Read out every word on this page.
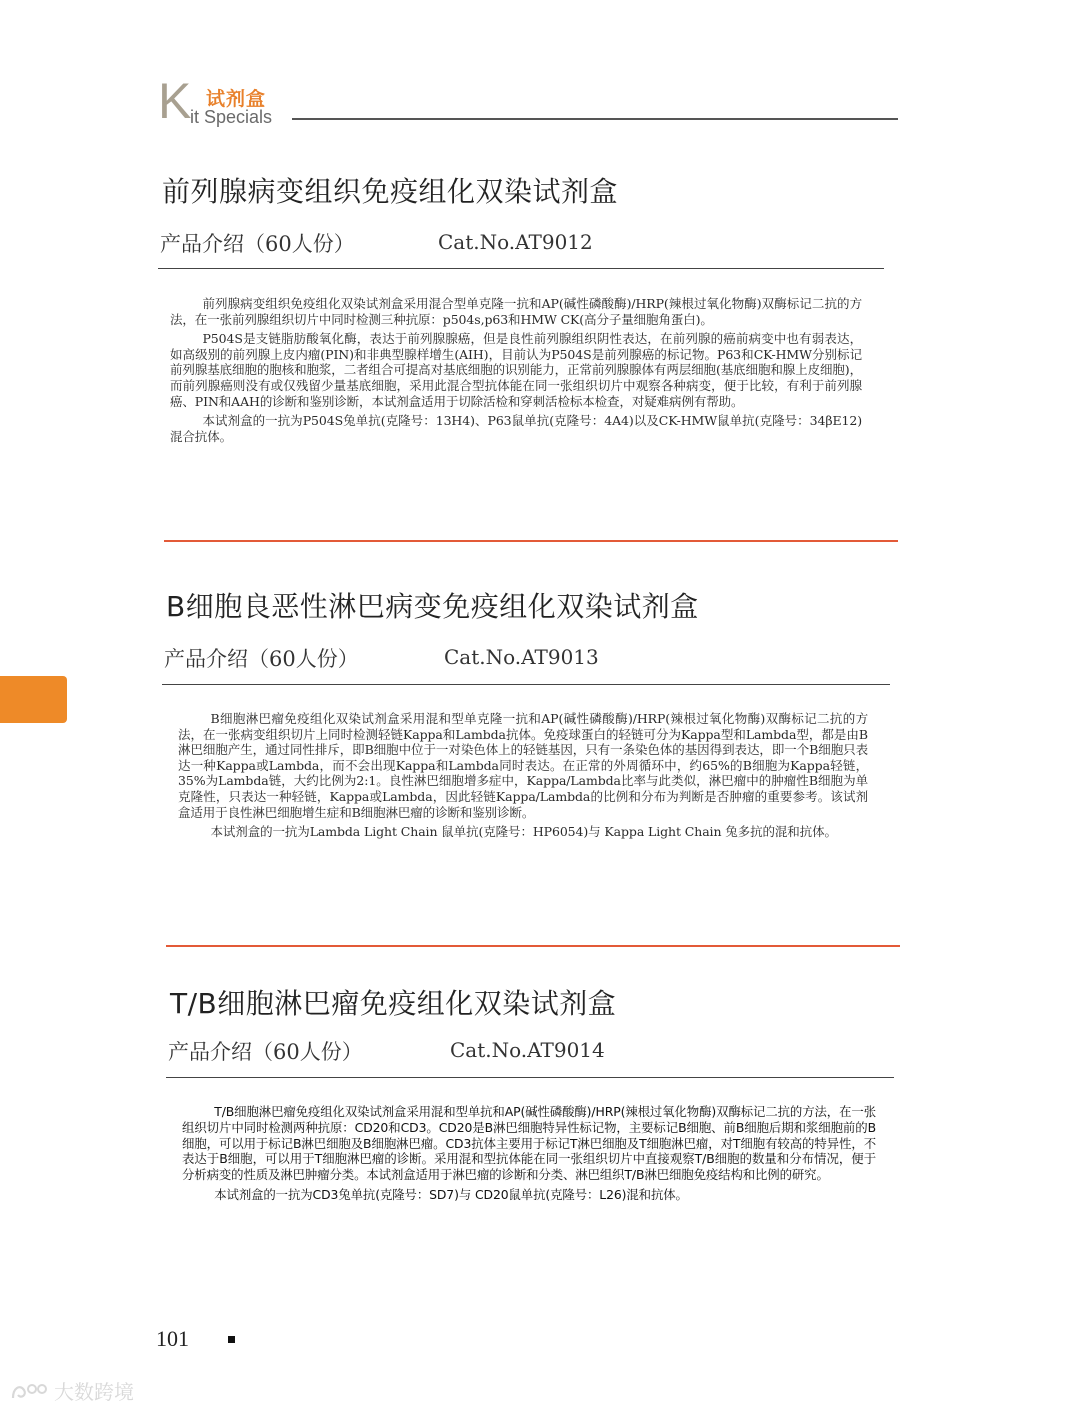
K 试剂盒
it Specials
前列腺病变组织免疫组化双染试剂盒
产品介绍（60人份）	Cat.No.AT9012

前列腺病变组织免疫组化双染试剂盒采用混合型单克隆一抗和AP(碱性磷酸酶)/HRP(辣根过氧化物酶)双酶标记二抗的方法，在一张前列腺组织切片中同时检测三种抗原：p504s,p63和HMW CK(高分子量细胞角蛋白)。

P504S是支链脂肪酸氧化酶，表达于前列腺腺癌，但是良性前列腺组织阴性表达，在前列腺的癌前病变中也有弱表达，如高级别的前列腺上皮内瘤(PIN)和非典型腺样增生(AIH)，目前认为P504S是前列腺癌的标记物。P63和CK-HMW分别标记前列腺基底细胞的胞核和胞浆，二者组合可提高对基底细胞的识别能力，正常前列腺腺体有两层细胞(基底细胞和腺上皮细胞)，而前列腺癌则没有或仅残留少量基底细胞，采用此混合型抗体能在同一张组织切片中观察各种病变，便于比较，有利于前列腺癌、PIN和AAH的诊断和鉴别诊断，本试剂盒适用于切除活检和穿刺活检标本检查，对疑难病例有帮助。

本试剂盒的一抗为P504S兔单抗(克隆号：13H4)、P63鼠单抗(克隆号：4A4)以及CK-HMW鼠单抗(克隆号：34βE12)混合抗体。

B细胞良恶性淋巴病变免疫组化双染试剂盒
产品介绍（60人份）	Cat.No.AT9013

B细胞淋巴瘤免疫组化双染试剂盒采用混和型单克隆一抗和AP(碱性磷酸酶)/HRP(辣根过氧化物酶)双酶标记二抗的方法，在一张病变组织切片上同时检测轻链Kappa和Lambda抗体。免疫球蛋白的轻链可分为Kappa型和Lambda型，都是由B淋巴细胞产生，通过同性排斥，即B细胞中位于一对染色体上的轻链基因，只有一条染色体的基因得到表达，即一个B细胞只表达一种Kappa或Lambda，而不会出现Kappa和Lambda同时表达。在正常的外周循环中，约65%的B细胞为Kappa轻链，35%为Lambda链，大约比例为2:1。良性淋巴细胞增多症中，Kappa/Lambda比率与此类似，淋巴瘤中的肿瘤性B细胞为单克隆性，只表达一种轻链，Kappa或Lambda，因此轻链Kappa/Lambda的比例和分布为判断是否肿瘤的重要参考。该试剂盒适用于良性淋巴细胞增生症和B细胞淋巴瘤的诊断和鉴别诊断。

本试剂盒的一抗为Lambda Light Chain 鼠单抗(克隆号：HP6054)与 Kappa Light Chain 兔多抗的混和抗体。

T/B细胞淋巴瘤免疫组化双染试剂盒
产品介绍（60人份）	Cat.No.AT9014

T/B细胞淋巴瘤免疫组化双染试剂盒采用混和型单抗和AP(碱性磷酸酶)/HRP(辣根过氧化物酶)双酶标记二抗的方法，在一张组织切片中同时检测两种抗原：CD20和CD3。CD20是B淋巴细胞特异性标记物，主要标记B细胞、前B细胞后期和浆细胞前的B细胞，可以用于标记B淋巴细胞及B细胞淋巴瘤。CD3抗体主要用于标记T淋巴细胞及T细胞淋巴瘤，对T细胞有较高的特异性，不表达于B细胞，可以用于T细胞淋巴瘤的诊断。采用混和型抗体能在同一张组织切片中直接观察T/B细胞的数量和分布情况，便于分析病变的性质及淋巴肿瘤分类。本试剂盒适用于淋巴瘤的诊断和分类、淋巴组织T/B淋巴细胞免疫结构和比例的研究。

本试剂盒的一抗为CD3兔单抗(克隆号：SD7)与 CD20鼠单抗(克隆号：L26)混和抗体。

101
大数跨境
